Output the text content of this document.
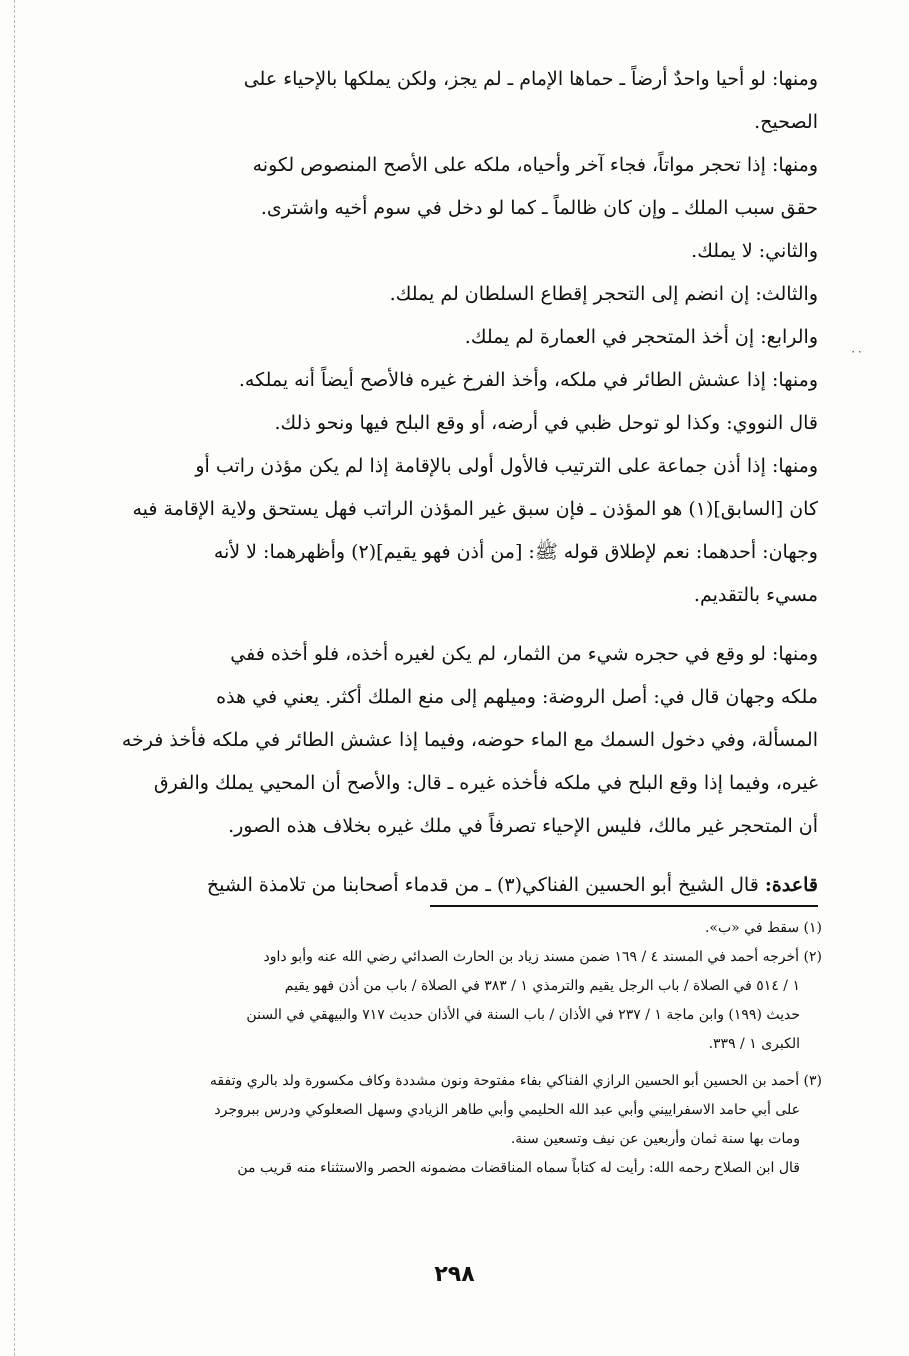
٠٠

ومنها: لو أحيا واحدٌ أرضاً ـ حماها الإمام ـ لم يجز، ولكن يملكها بالإحياء على

الصحيح.

ومنها: إذا تحجر مواتاً، فجاء آخر وأحياه، ملكه على الأصح المنصوص لكونه

حقق سبب الملك ـ وإن كان ظالماً ـ كما لو دخل في سوم أخيه واشترى.

والثاني: لا يملك.

والثالث: إن انضم إلى التحجر إقطاع السلطان لم يملك.

والرابع: إن أخذ المتحجر في العمارة لم يملك.

ومنها: إذا عشش الطائر في ملكه، وأخذ الفرخ غيره فالأصح أيضاً أنه يملكه.

قال النووي: وكذا لو توحل ظبي في أرضه، أو وقع البلح فيها ونحو ذلك.

ومنها: إذا أذن جماعة على الترتيب فالأول أولى بالإقامة إذا لم يكن مؤذن راتب أو

كان [السابق](١) هو المؤذن ـ فإن سبق غير المؤذن الراتب فهل يستحق ولاية الإقامة فيه

وجهان: أحدهما: نعم لإطلاق قوله ﷺ: [من أذن فهو يقيم](٢) وأظهرهما: لا لأنه

مسيء بالتقديم.

ومنها: لو وقع في حجره شيء من الثمار، لم يكن لغيره أخذه، فلو أخذه ففي

ملكه وجهان قال في: أصل الروضة: وميلهم إلى منع الملك أكثر. يعني في هذه

المسألة، وفي دخول السمك مع الماء حوضه، وفيما إذا عشش الطائر في ملكه فأخذ فرخه

غيره، وفيما إذا وقع البلح في ملكه فأخذه غيره ـ قال: والأصح أن المحيي يملك والفرق

أن المتحجر غير مالك، فليس الإحياء تصرفاً في ملك غيره بخلاف هذه الصور.

قاعدة: قال الشيخ أبو الحسين الفناكي(٣) ـ من قدماء أصحابنا من تلامذة الشيخ

(١) سقط في «ب».

(٢) أخرجه أحمد في المسند ٤ / ١٦٩ ضمن مسند زياد بن الحارث الصدائي رضي الله عنه وأبو داود

١ / ٥١٤ في الصلاة / باب الرجل يقيم والترمذي ١ / ٣٨٣ في الصلاة / باب من أذن فهو يقيم

حديث (١٩٩) وابن ماجة ١ / ٢٣٧ في الأذان / باب السنة في الأذان حديث ٧١٧ والبيهقي في السنن

الكبرى ١ / ٣٣٩.

(٣) أحمد بن الحسين أبو الحسين الرازي الفناكي بفاء مفتوحة ونون مشددة وكاف مكسورة ولد بالري وتفقه

على أبي حامد الاسفراييني وأبي عبد الله الحليمي وأبي طاهر الزيادي وسهل الصعلوكي ودرس ببروجرد

ومات بها سنة ثمان وأربعين عن نيف وتسعين سنة.

قال ابن الصلاح رحمه الله: رأيت له كتاباً سماه المناقضات مضمونه الحصر والاستثناء منه قريب من

٢٩٨
